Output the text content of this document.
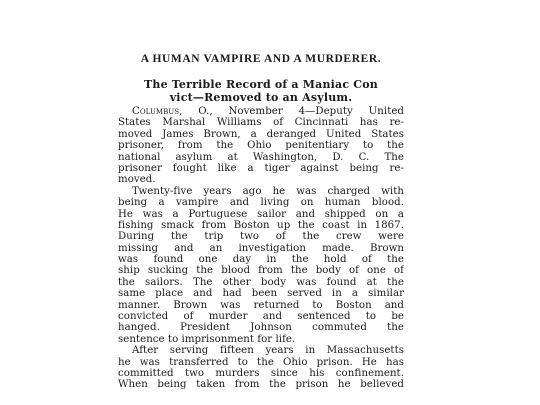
A HUMAN VAMPIRE AND A MURDERER.
The Terrible Record of a Maniac Con
vict—Removed to an Asylum.
Columbus, O., November 4—Deputy United
States Marshal Williams of Cincinnati has re-
moved James Brown, a deranged United States
prisoner, from the Ohio penitentiary to the
national asylum at Washington, D. C. The
prisoner fought like a tiger against being re-
moved.
Twenty-five years ago he was charged with
being a vampire and living on human blood.
He was a Portuguese sailor and shipped on a
fishing smack from Boston up the coast in 1867.
During the trip two of the crew were
missing and an investigation made. Brown
was found one day in the hold of the
ship sucking the blood from the body of one of
the sailors. The other body was found at the
same place and had been served in a similar
manner. Brown was returned to Boston and
convicted of murder and sentenced to be
hanged. President Johnson commuted the
sentence to imprisonment for life.
After serving fifteen years in Massachusetts
he was transferred to the Ohio prison. He has
committed two murders since his confinement.
When being taken from the prison he believed
